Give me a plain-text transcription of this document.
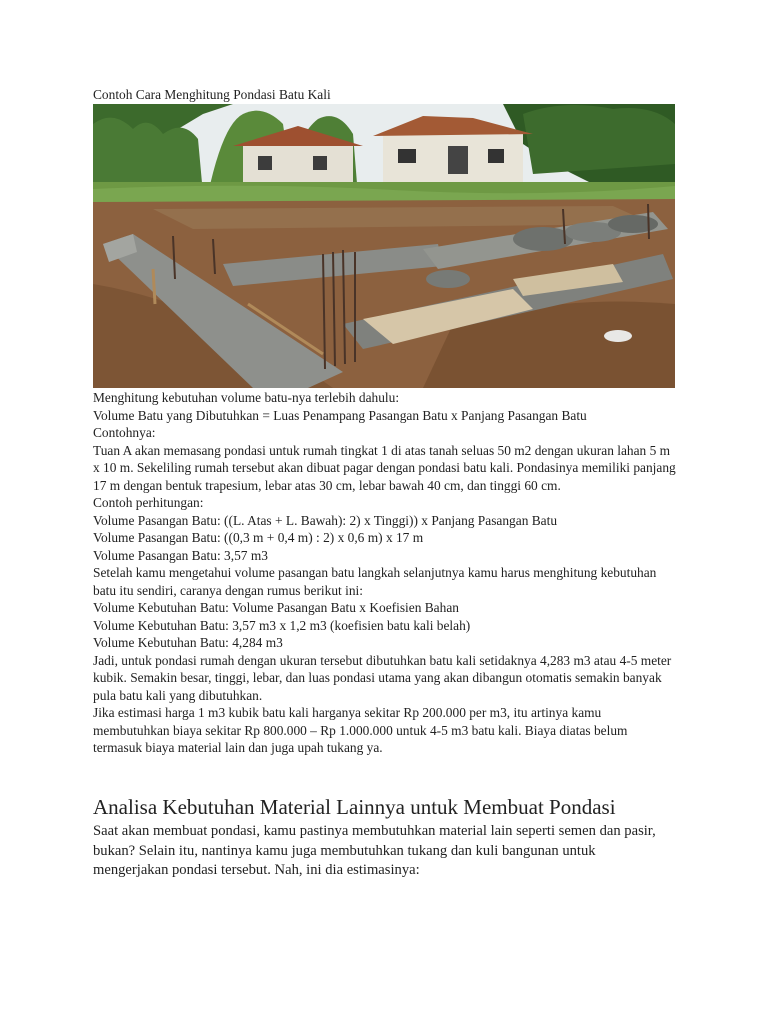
Contoh Cara Menghitung Pondasi Batu Kali

Menghitung kebutuhan volume batu-nya terlebih dahulu:

Volume Batu yang Dibutuhkan = Luas Penampang Pasangan Batu x Panjang Pasangan Batu

Contohnya:

Tuan A akan memasang pondasi untuk rumah tingkat 1 di atas tanah seluas 50 m2 dengan ukuran lahan 5 m x 10 m. Sekeliling rumah tersebut akan dibuat pagar dengan pondasi batu kali. Pondasinya memiliki panjang 17 m dengan bentuk trapesium, lebar atas 30 cm, lebar bawah 40 cm, dan tinggi 60 cm.

Contoh perhitungan:

Volume Pasangan Batu: ((L. Atas + L. Bawah): 2) x Tinggi)) x Panjang Pasangan Batu

Volume Pasangan Batu: ((0,3 m + 0,4 m) : 2) x 0,6 m) x 17 m

Volume Pasangan Batu: 3,57 m3

Setelah kamu mengetahui volume pasangan batu langkah selanjutnya kamu harus menghitung kebutuhan batu itu sendiri, caranya dengan rumus berikut ini:

Volume Kebutuhan Batu: Volume Pasangan Batu x Koefisien Bahan

Volume Kebutuhan Batu: 3,57 m3 x 1,2 m3 (koefisien batu kali belah)

Volume Kebutuhan Batu: 4,284 m3

Jadi, untuk pondasi rumah dengan ukuran tersebut dibutuhkan batu kali setidaknya 4,283 m3 atau 4-5 meter kubik. Semakin besar, tinggi, lebar, dan luas pondasi utama yang akan dibangun otomatis semakin banyak pula batu kali yang dibutuhkan.

Jika estimasi harga 1 m3 kubik batu kali harganya sekitar Rp 200.000 per m3, itu artinya kamu membutuhkan biaya sekitar Rp 800.000 – Rp 1.000.000 untuk 4-5 m3 batu kali. Biaya diatas belum termasuk biaya material lain dan juga upah tukang ya.

Analisa Kebutuhan Material Lainnya untuk Membuat Pondasi

Saat akan membuat pondasi, kamu pastinya membutuhkan material lain seperti semen dan pasir, bukan? Selain itu, nantinya kamu juga membutuhkan tukang dan kuli bangunan untuk mengerjakan pondasi tersebut. Nah, ini dia estimasinya:
